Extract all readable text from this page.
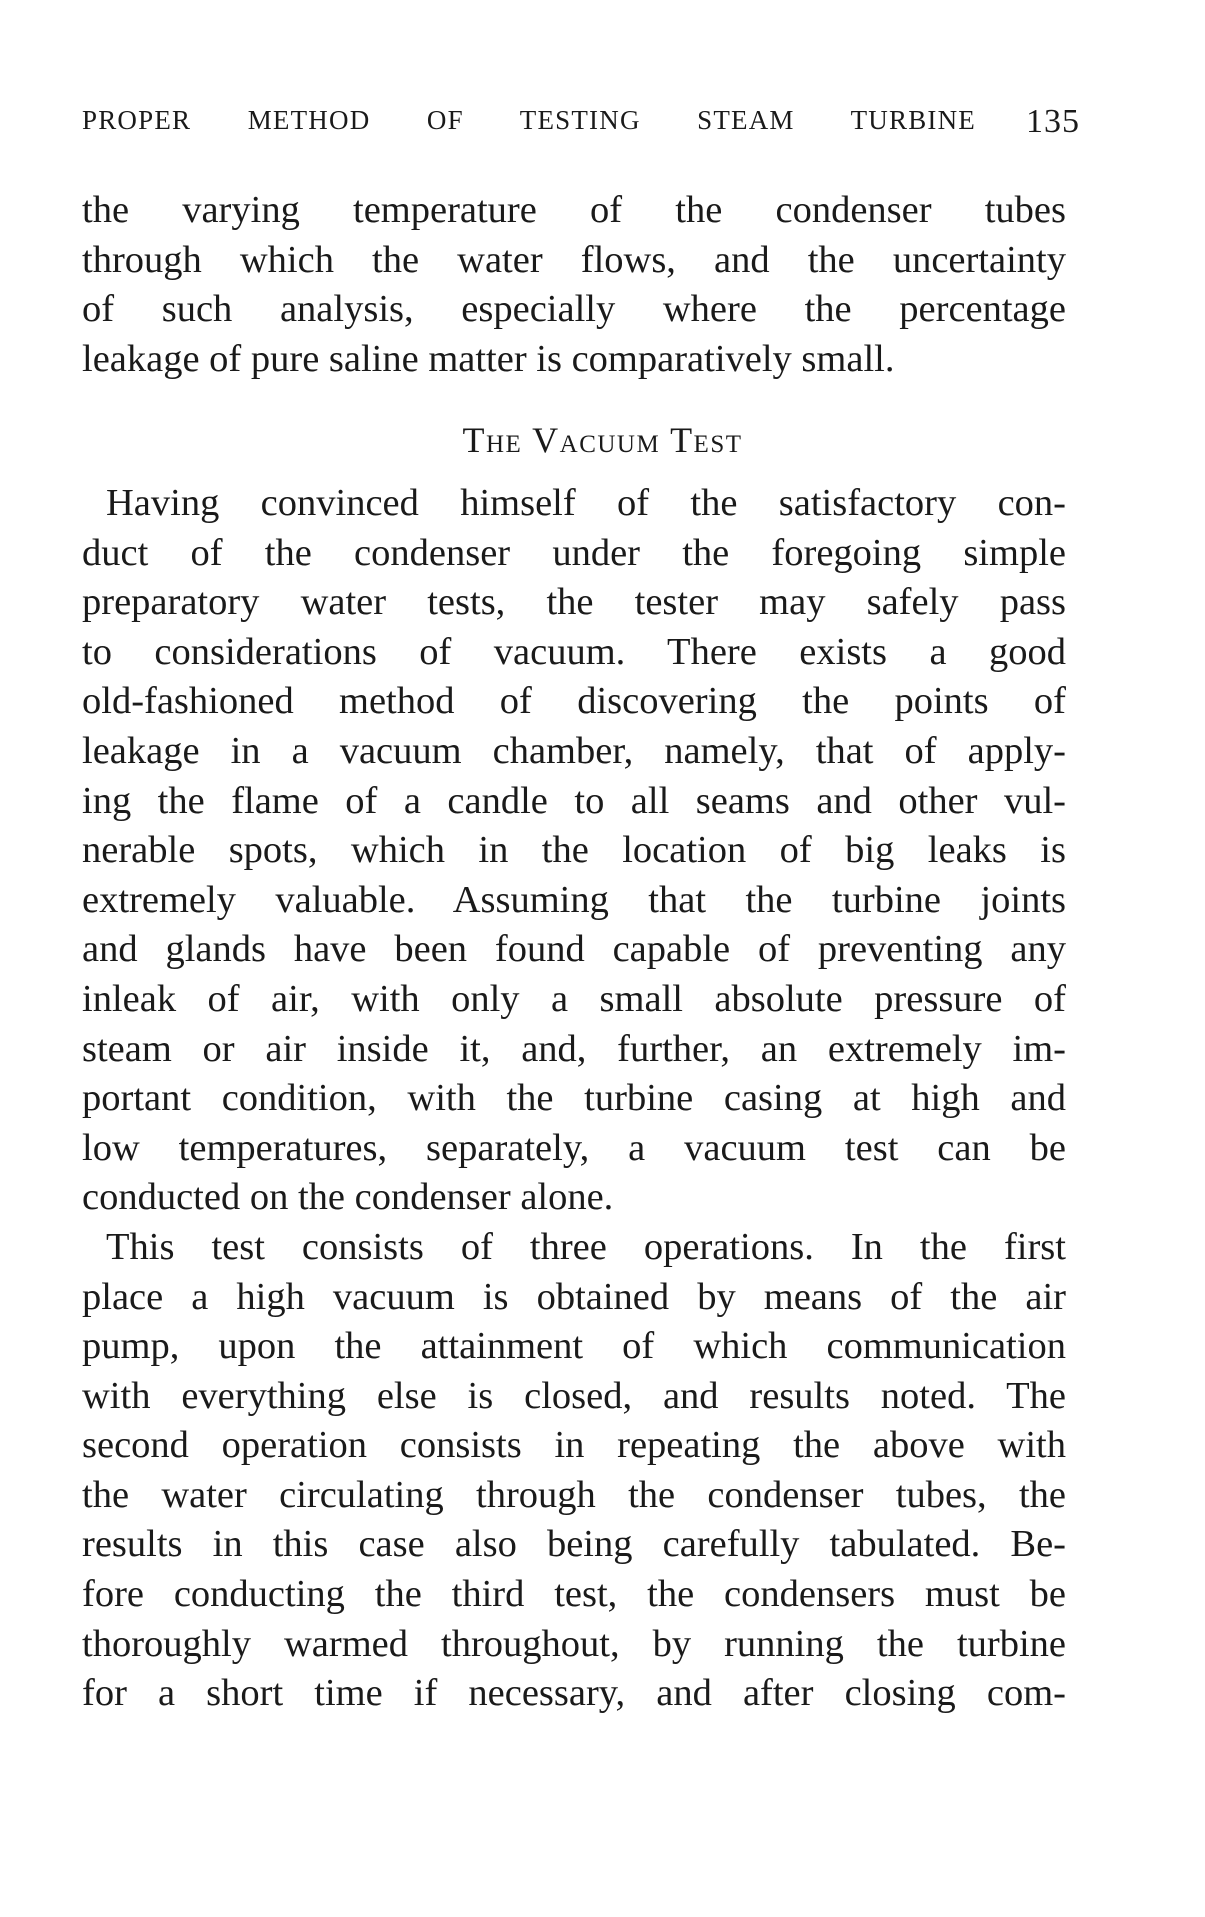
PROPER METHOD OF TESTING STEAM TURBINE 135
the varying temperature of the condenser tubes
through which the water flows, and the uncertainty
of such analysis, especially where the percentage
leakage of pure saline matter is comparatively small.
The Vacuum Test
Having convinced himself of the satisfactory con-
duct of the condenser under the foregoing simple
preparatory water tests, the tester may safely pass
to considerations of vacuum. There exists a good
old-fashioned method of discovering the points of
leakage in a vacuum chamber, namely, that of apply-
ing the flame of a candle to all seams and other vul-
nerable spots, which in the location of big leaks is
extremely valuable. Assuming that the turbine joints
and glands have been found capable of preventing any
inleak of air, with only a small absolute pressure of
steam or air inside it, and, further, an extremely im-
portant condition, with the turbine casing at high and
low temperatures, separately, a vacuum test can be
conducted on the condenser alone.
This test consists of three operations. In the first
place a high vacuum is obtained by means of the air
pump, upon the attainment of which communication
with everything else is closed, and results noted. The
second operation consists in repeating the above with
the water circulating through the condenser tubes, the
results in this case also being carefully tabulated. Be-
fore conducting the third test, the condensers must be
thoroughly warmed throughout, by running the turbine
for a short time if necessary, and after closing com-
